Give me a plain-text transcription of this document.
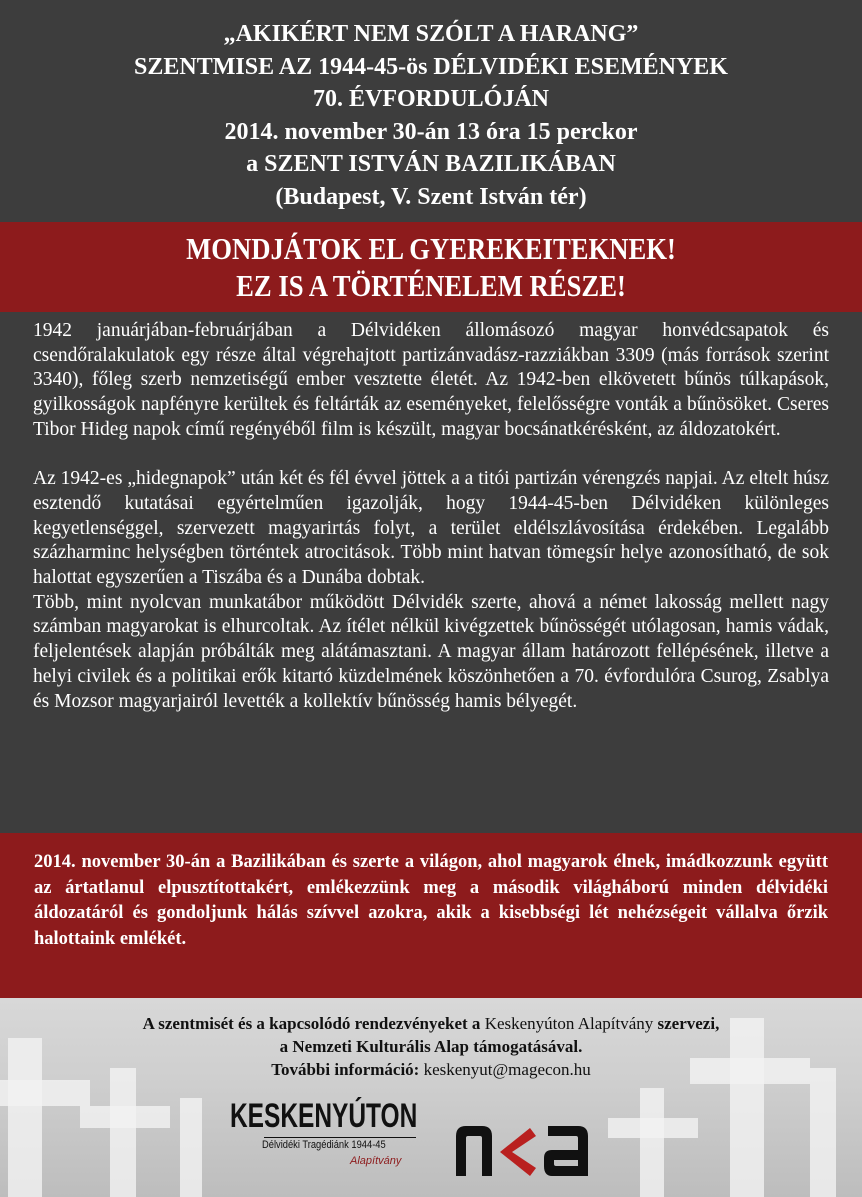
„AKIKÉRT NEM SZÓLT A HARANG”
SZENTMISE AZ 1944-45-ös DÉLVIDÉKI ESEMÉNYEK
70. ÉVFORDULÓJÁN
2014. november 30-án 13 óra 15 perckor
a SZENT ISTVÁN BAZILIKÁBAN
(Budapest, V. Szent István tér)
MONDJÁTOK EL GYEREKEITEKNEK!
EZ IS A TÖRTÉNELEM RÉSZE!

1942 januárjában-februárjában a Délvidéken állomásozó magyar honvédcsapatok és csendőralakulatok egy része által végrehajtott partizánvadász-razziákban 3309 (más források szerint 3340), főleg szerb nemzetiségű ember vesztette életét. Az 1942-ben elkövetett bűnös túlkapások, gyilkosságok napfényre kerültek és feltárták az eseményeket, felelősségre vonták a bűnösöket. Cseres Tibor Hideg napok című regényéből film is készült, magyar bocsánatkérésként, az áldozatokért.

Az 1942-es „hidegnapok” után két és fél évvel jöttek a a titói partizán vérengzés napjai. Az eltelt húsz esztendő kutatásai egyértelműen igazolják, hogy 1944-45-ben Délvidéken különleges kegyetlenséggel, szervezett magyarirtás folyt, a terület eldélszlávosítása érdekében. Legalább százharminc helységben történtek atrocitások. Több mint hatvan tömegsír helye azonosítható, de sok halottat egyszerűen a Tiszába és a Dunába dobtak.

Több, mint nyolcvan munkatábor működött Délvidék szerte, ahová a német lakosság mellett nagy számban magyarokat is elhurcoltak. Az ítélet nélkül kivégzettek bűnösségét utólagosan, hamis vádak, feljelentések alapján próbálták meg alátámasztani. A magyar állam határozott fellépésének, illetve a helyi civilek és a politikai erők kitartó küzdelmének köszönhetően a 70. évfordulóra Csurog, Zsablya és Mozsor magyarjairól levették a kollektív bűnösség hamis bélyegét.

2014. november 30-án a Bazilikában és szerte a világon, ahol magyarok élnek, imádkozzunk együtt az ártatlanul elpusztítottakért, emlékezzünk meg a második világháború minden délvidéki áldozatáról és gondoljunk hálás szívvel azokra, akik a kisebbségi lét nehézségeit vállalva őrzik halottaink emlékét.

A szentmisét és a kapcsolódó rendezvényeket a Keskenyúton Alapítvány szervezi,
a Nemzeti Kulturális Alap támogatásával.
További információ: keskenyut@magecon.hu
KESKENYÚTON
Délvidéki Tragédiánk 1944-45
Alapítvány
